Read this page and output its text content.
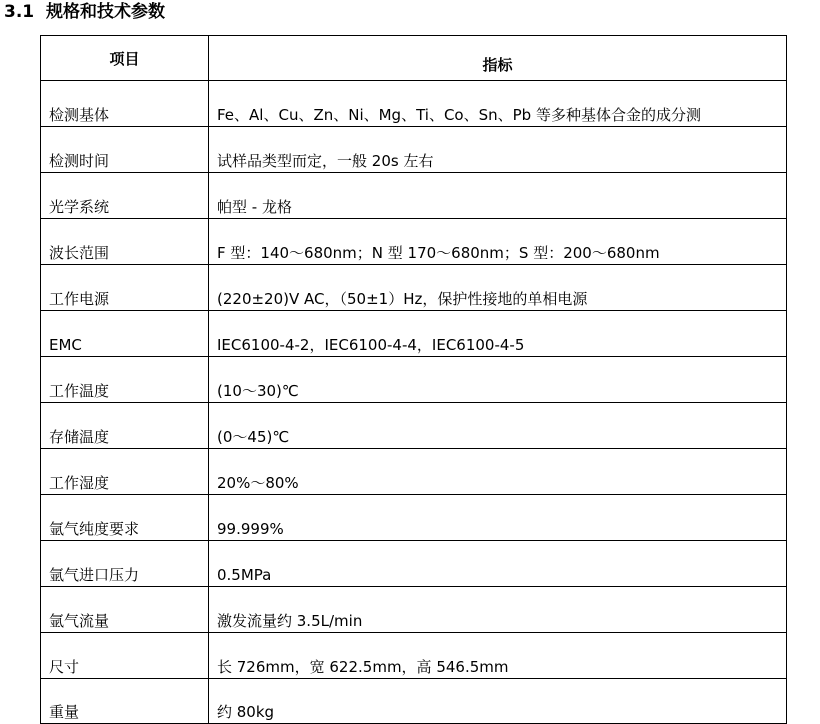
3.1 规格和技术参数
项目	指标
检测基体	Fe、Al、Cu、Zn、Ni、Mg、Ti、Co、Sn、Pb 等多种基体合金的成分测
检测时间	试样品类型而定，一般 20s 左右
光学系统	帕型 - 龙格
波长范围	F 型：140～680nm；N 型 170～680nm；S 型：200～680nm
工作电源	(220±20)V AC，（50±1）Hz，保护性接地的单相电源
EMC	IEC6100-4-2，IEC6100-4-4，IEC6100-4-5
工作温度	(10～30)℃
存储温度	(0～45)℃
工作湿度	20%～80%
氩气纯度要求	99.999%
氩气进口压力	0.5MPa
氩气流量	激发流量约 3.5L/min
尺寸	长 726mm，宽 622.5mm，高 546.5mm
重量	约 80kg
